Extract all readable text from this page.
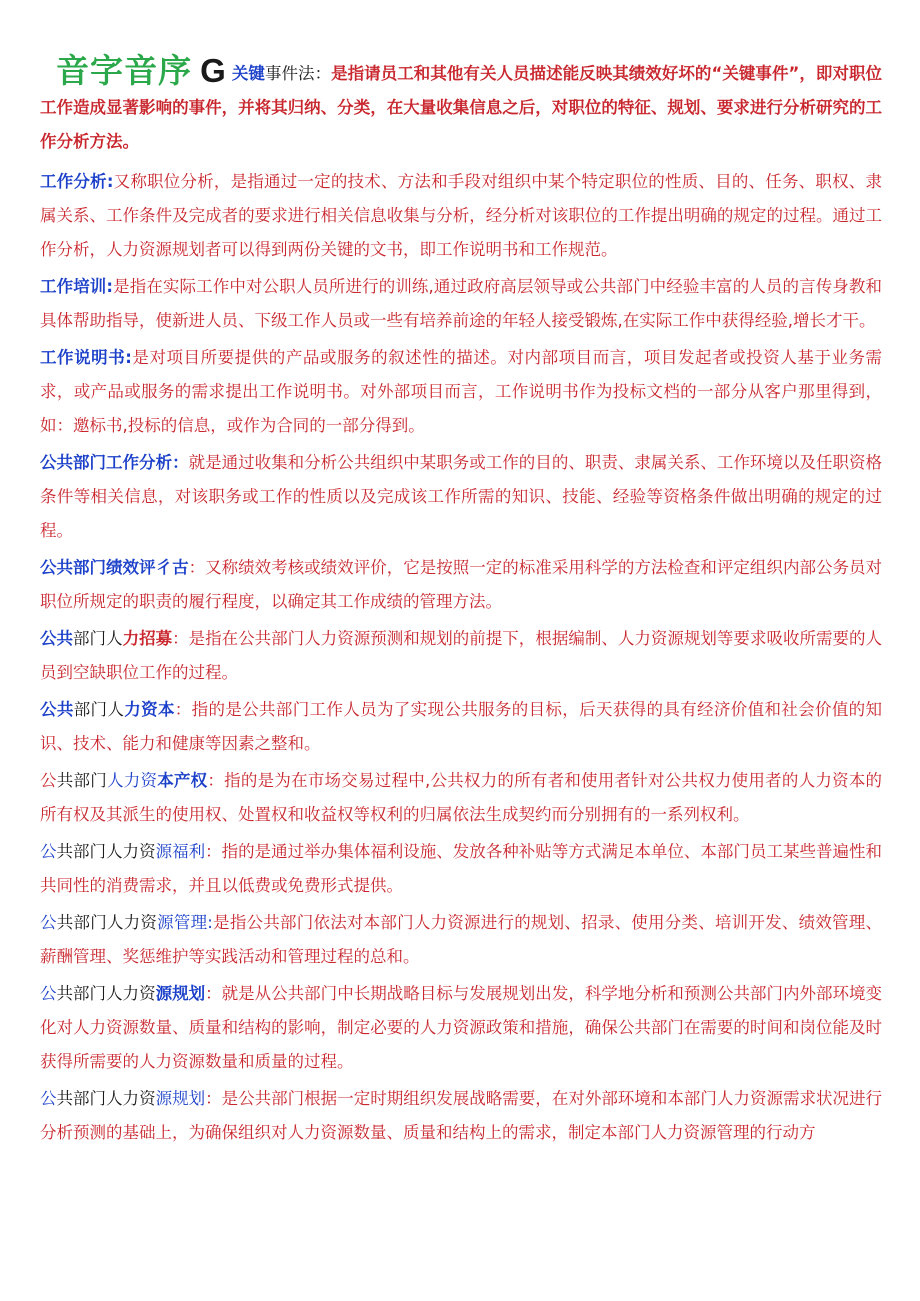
音字音序 G 关键事件法：是指请员工和其他有关人员描述能反映其绩效好坏的“关键事件”，即对职位工作造成显著影响的事件，并将其归纳、分类，在大量收集信息之后，对职位的特征、规划、要求进行分析研究的工作分析方法。

工作分析:又称职位分析，是指通过一定的技术、方法和手段对组织中某个特定职位的性质、目的、任务、职权、隶属关系、工作条件及完成者的要求进行相关信息收集与分析，经分析对该职位的工作提出明确的规定的过程。通过工作分析，人力资源规划者可以得到两份关键的文书，即工作说明书和工作规范。

工作培训:是指在实际工作中对公职人员所进行的训练,通过政府高层领导或公共部门中经验丰富的人员的言传身教和具体帮助指导，使新进人员、下级工作人员或一些有培养前途的年轻人接受锻炼,在实际工作中获得经验,增长才干。

工作说明书:是对项目所要提供的产品或服务的叙述性的描述。对内部项目而言，项目发起者或投资人基于业务需求，或产品或服务的需求提出工作说明书。对外部项目而言，工作说明书作为投标文档的一部分从客户那里得到，如：邀标书,投标的信息，或作为合同的一部分得到。

公共部门工作分析：就是通过收集和分析公共组织中某职务或工作的目的、职责、隶属关系、工作环境以及任职资格条件等相关信息，对该职务或工作的性质以及完成该工作所需的知识、技能、经验等资格条件做出明确的规定的过程。

公共部门绩效评彳古：又称绩效考核或绩效评价，它是按照一定的标准采用科学的方法检查和评定组织内部公务员对职位所规定的职责的履行程度，以确定其工作成绩的管理方法。

公共部门人力招募：是指在公共部门人力资源预测和规划的前提下，根据编制、人力资源规划等要求吸收所需要的人员到空缺职位工作的过程。

公共部门人力资本：指的是公共部门工作人员为了实现公共服务的目标，后天获得的具有经济价值和社会价值的知识、技术、能力和健康等因素之整和。

公共部门人力资本产权：指的是为在市场交易过程中,公共权力的所有者和使用者针对公共权力使用者的人力资本的所有权及其派生的使用权、处置权和收益权等权利的归属依法生成契约而分别拥有的一系列权利。

公共部门人力资源福利：指的是通过举办集体福利设施、发放各种补贴等方式满足本单位、本部门员工某些普遍性和共同性的消费需求，并且以低费或免费形式提供。

公共部门人力资源管理:是指公共部门依法对本部门人力资源进行的规划、招录、使用分类、培训开发、绩效管理、薪酬管理、奖惩维护等实践活动和管理过程的总和。

公共部门人力资源规划：就是从公共部门中长期战略目标与发展规划出发，科学地分析和预测公共部门内外部环境变化对人力资源数量、质量和结构的影响，制定必要的人力资源政策和措施，确保公共部门在需要的时间和岗位能及时获得所需要的人力资源数量和质量的过程。

公共部门人力资源规划：是公共部门根据一定时期组织发展战略需要，在对外部环境和本部门人力资源需求状况进行分析预测的基础上，为确保组织对人力资源数量、质量和结构上的需求，制定本部门人力资源管理的行动方
